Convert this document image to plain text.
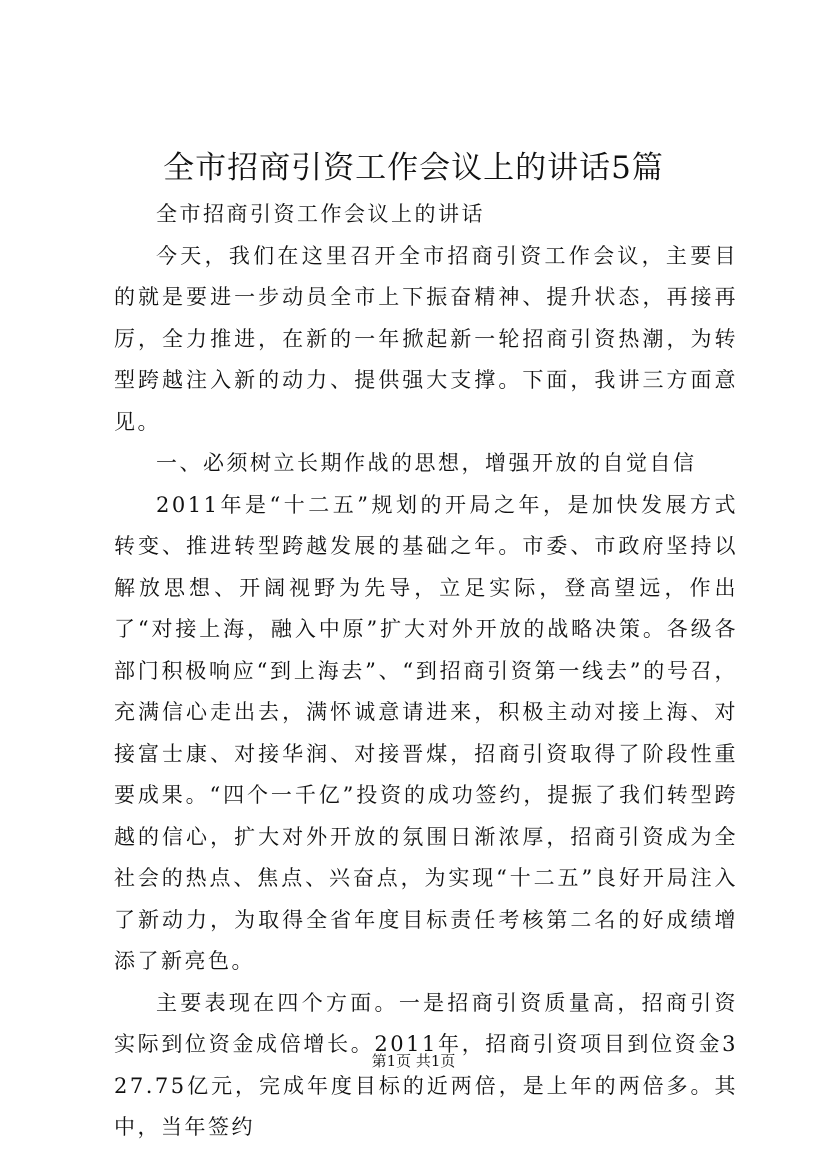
全市招商引资工作会议上的讲话5篇

全市招商引资工作会议上的讲话

今天，我们在这里召开全市招商引资工作会议，主要目的就是要进一步动员全市上下振奋精神、提升状态，再接再厉，全力推进，在新的一年掀起新一轮招商引资热潮，为转型跨越注入新的动力、提供强大支撑。下面，我讲三方面意见。

一、必须树立长期作战的思想，增强开放的自觉自信

2011年是“十二五”规划的开局之年，是加快发展方式转变、推进转型跨越发展的基础之年。市委、市政府坚持以解放思想、开阔视野为先导，立足实际，登高望远，作出了“对接上海，融入中原”扩大对外开放的战略决策。各级各部门积极响应“到上海去”、“到招商引资第一线去”的号召，充满信心走出去，满怀诚意请进来，积极主动对接上海、对接富士康、对接华润、对接晋煤，招商引资取得了阶段性重要成果。“四个一千亿”投资的成功签约，提振了我们转型跨越的信心，扩大对外开放的氛围日渐浓厚，招商引资成为全社会的热点、焦点、兴奋点，为实现“十二五”良好开局注入了新动力，为取得全省年度目标责任考核第二名的好成绩增添了新亮色。

主要表现在四个方面。一是招商引资质量高，招商引资实际到位资金成倍增长。2011年，招商引资项目到位资金327.75亿元，完成年度目标的近两倍，是上年的两倍多。其中，当年签约

第1页 共1页
